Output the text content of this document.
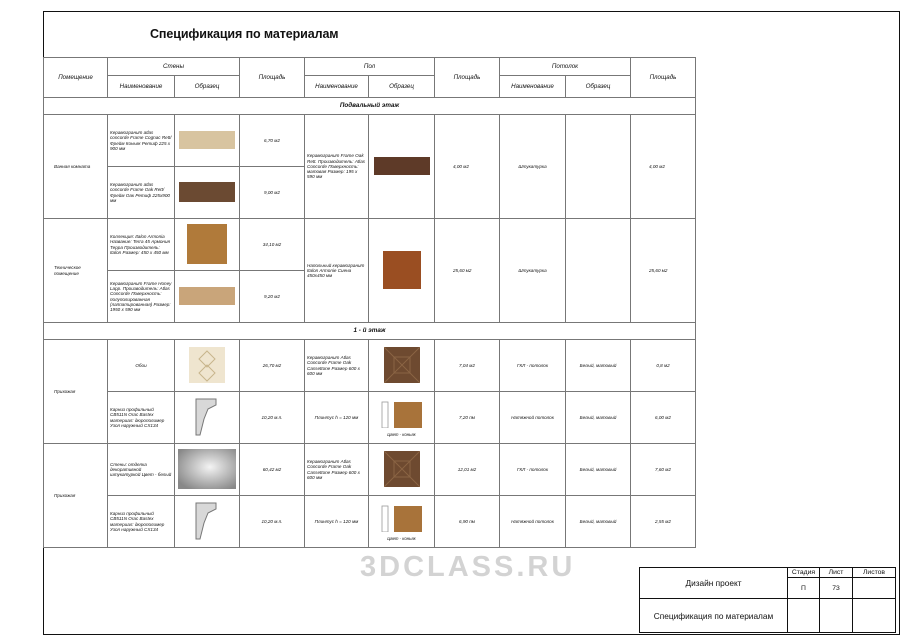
Спецификация по материалам
Помещение	Стены		Площадь	Пол		Площадь	Потолок		Площадь
	Наименование	Образец		Наименование	Образец		Наименование	Образец	
Подвальный этаж									
Ванная комната	Керамогранит atlas concorde Frame Cognac Rett/Фрейм Коньяк Ретиф 225 х 900 мм		6,70 м2	Керамогранит Frame Oak Rett. Производитель: Atlas Concorde Поверхность: матовая Размер: 195 х 590 мм		4,00 м2	Штукатурка		4,00 м2
	Керамогранит atlas concorde Frame Oak Rett/Фрейм Оак Ретиф 225х900 мм		9,00 м2						
Техническое помещение	Коллекция: Italon Armonia Название: Terra 45 Армония Терра Производитель: Italon Размер: 450 х 450 мм		34,10 м2	Напольный керамогранит Italon Armonie Сиена 450х450 мм		25,60 м2	Штукатурка		25,60 м2
	Керамогранит Frame Honey Lapp. Производитель: Atlas Concorde Поверхность: полуполированная (лаппатированная) Размер: 1950 х 590 мм		9,20 м2						
1 - й этаж									
Прихожая	Обои		26,70 м2	Керамогранит Atlas Concorde Frame Oak Cassettone Размер 600 х 600 мм		7,04 м2	ГКЛ - потолок	Белый, матовый	0,8 м2
	Карниз профильный CB511N Orac Bastex материал: дюрополимер Узол наружный CX134		10,20 м.п.	Плинтус h = 120 мм	Цвет - коньяк	7,20 пм	Натяжной потолок	Белый, матовый	6,00 м2
Прихожая	Стены: отделка декоративной штукатуркой Цвет - белый		60,42 м2	Керамогранит Atlas Concorde Frame Oak Cassettone Размер 600 х 600 мм		12,01 м2	ГКЛ - потолок	Белый, матовый	7,60 м2
	Карниз профильный CB511N Orac Bastex материал: дюрополимер Узол наружный CX134		10,20 м.п.	Плинтус h = 120 мм	Цвет - коньяк	6,90 пм	Натяжной потолок	Белый, матовый	2,55 м2
3DCLASS.RU	Дизайн проект	Стадия	Лист	Листов
	П	73	
Спецификация по материалам			
